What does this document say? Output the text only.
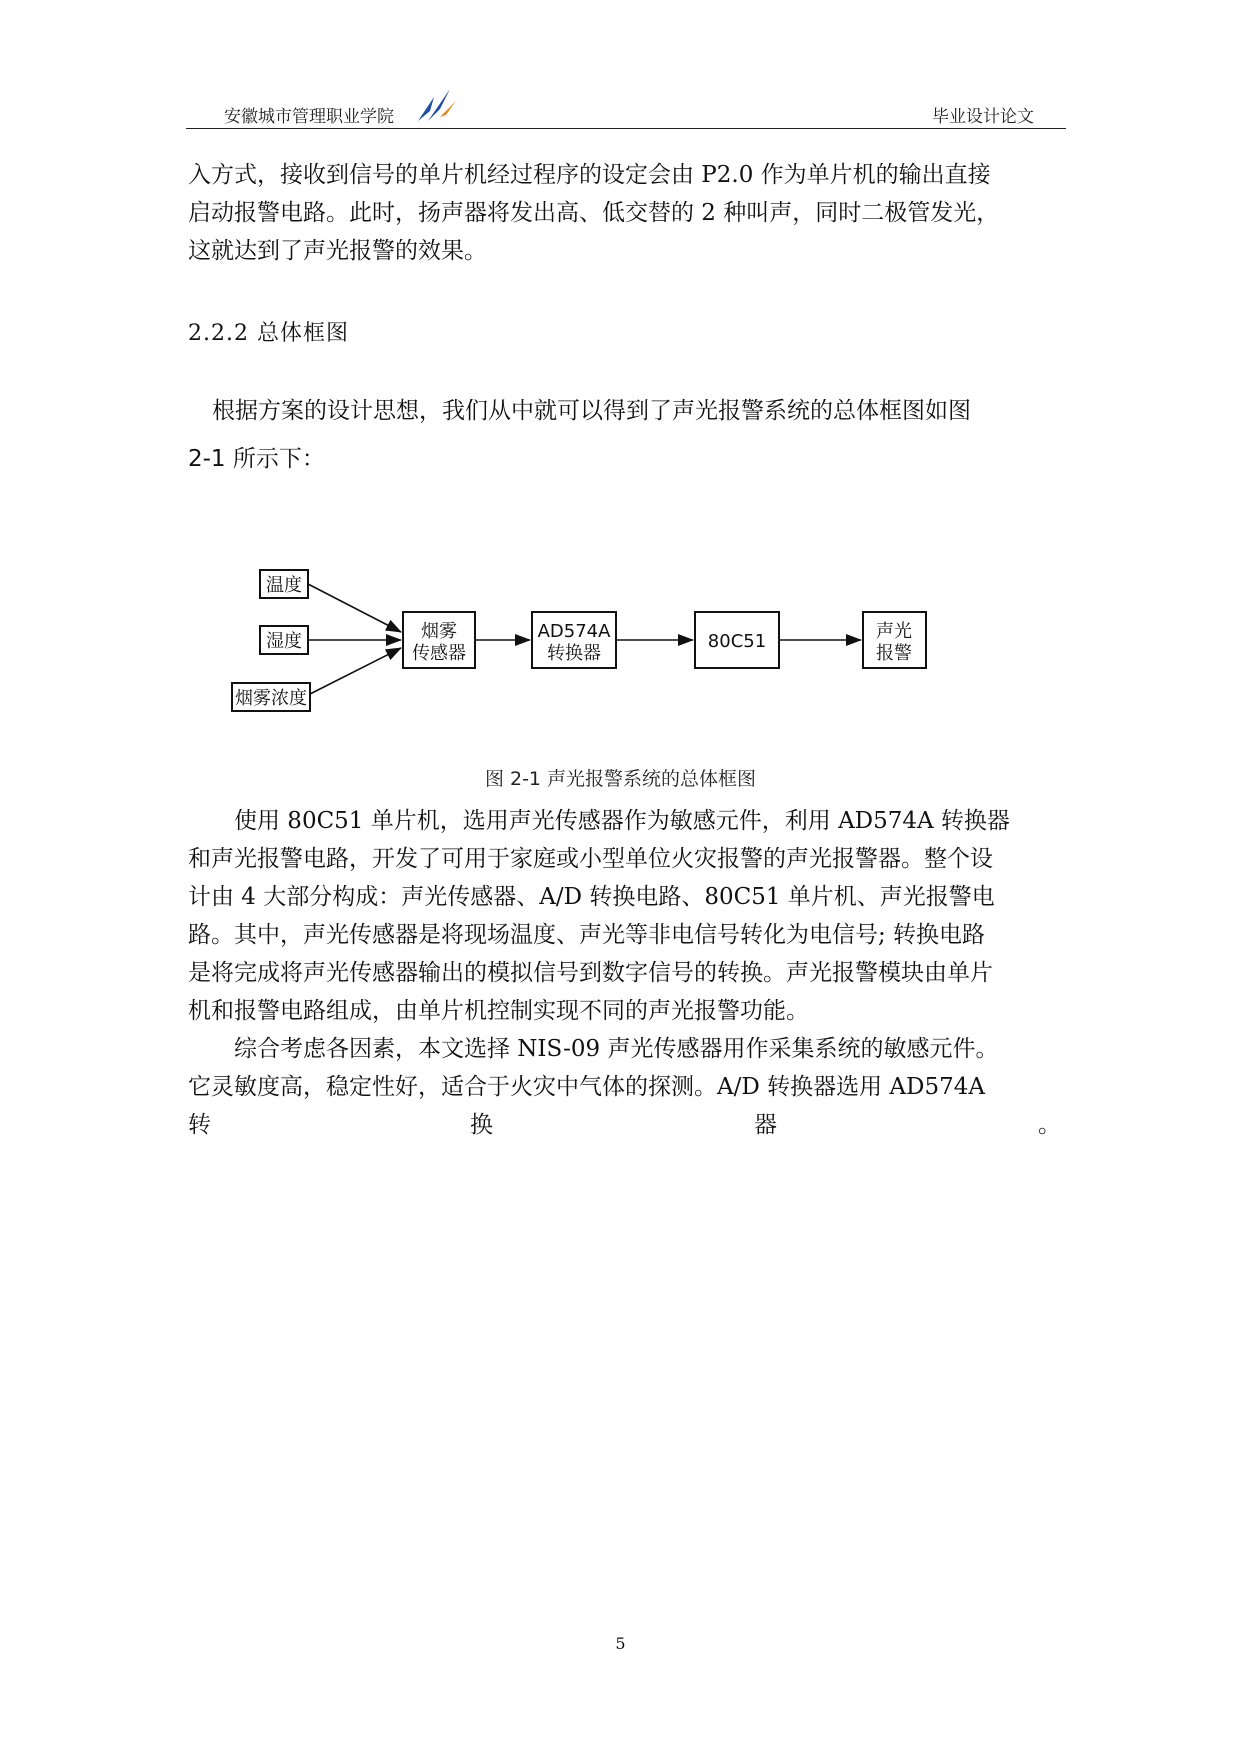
安徽城市管理职业学院	毕业设计论文
入方式，接收到信号的单片机经过程序的设定会由 P2.0 作为单片机的输出直接
启动报警电路。此时，扬声器将发出高、低交替的 2 种叫声，同时二极管发光，
这就达到了声光报警的效果。
2.2.2 总体框图
根据方案的设计思想，我们从中就可以得到了声光报警系统的总体框图如图
2-1 所示下：
温度
湿度
烟雾浓度
烟雾
传感器
AD574A
转换器
80C51	声光
报警
图 2-1 声光报警系统的总体框图
　　使用 80C51 单片机，选用声光传感器作为敏感元件，利用 AD574A 转换器
和声光报警电路，开发了可用于家庭或小型单位火灾报警的声光报警器。整个设
计由 4 大部分构成：声光传感器、A/D 转换电路、80C51 单片机、声光报警电
路。其中，声光传感器是将现场温度、声光等非电信号转化为电信号; 转换电路
是将完成将声光传感器输出的模拟信号到数字信号的转换。声光报警模块由单片
机和报警电路组成，由单片机控制实现不同的声光报警功能。
　　综合考虑各因素，本文选择 NIS-09 声光传感器用作采集系统的敏感元件。
它灵敏度高，稳定性好，适合于火灾中气体的探测。A/D 转换器选用 AD574A
转	换	器	。
5
